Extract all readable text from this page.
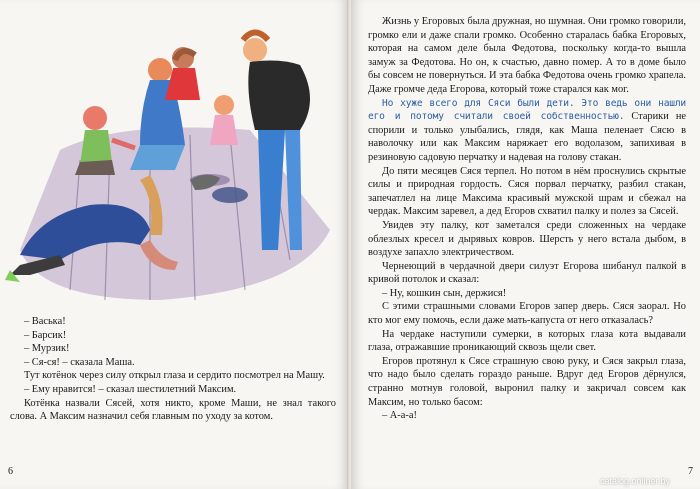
– Васька!

– Барсик!

– Мурзик!

– Ся-ся! – сказала Маша.

Тут котёнок через силу открыл глаза и сердито посмотрел на Машу.

– Ему нравится! – сказал шестилетний Максим.

Котёнка назвали Сясей, хотя никто, кроме Маши, не знал такого слова. А Максим назначил себя главным по уходу за котом.

6

Жизнь у Егоровых была дружная, но шумная. Они громко говорили, громко ели и даже спали громко. Особенно старалась бабка Егоровых, которая на самом деле была Федотова, поскольку когда-то вышла замуж за Федотова. Но он, к счастью, давно помер. А то в доме было бы совсем не повернуться. И эта бабка Федотова очень громко храпела. Даже громче деда Егорова, который тоже старался как мог.

Но хуже всего для Сяси были дети. Это ведь они нашли его и потому считали своей собственностью. Старики не спорили и только улыбались, глядя, как Маша пеленает Сясю в наволочку или как Максим наряжает его водолазом, запихивая в резиновую садовую перчатку и надевая на голову стакан.

До пяти месяцев Сяся терпел. Но потом в нём проснулись скрытые силы и природная гордость. Сяся порвал перчатку, разбил стакан, запечатлел на лице Максима красивый мужской шрам и сбежал на чердак. Максим заревел, а дед Егоров схватил палку и полез за Сясей.

Увидев эту палку, кот заметался среди сложенных на чердаке облезлых кресел и дырявых ковров. Шерсть у него встала дыбом, в воздухе запахло электричеством.

Чернеющий в чердачной двери силуэт Егорова шибанул палкой в кривой потолок и сказал:

– Ну, кошкин сын, держися!

С этими страшными словами Егоров запер дверь. Сяся заорал. Но кто мог ему помочь, если даже мать-капуста от него отказалась?

На чердаке наступили сумерки, в которых глаза кота выдавали глаза, отражавшие проникающий сквозь щели свет.

Егоров протянул к Сясе страшную свою руку, и Сяся закрыл глаза, что надо было сделать гораздо раньше. Вдруг дед Егоров дёрнулся, странно мотнув головой, выронил палку и закричал совсем как Максим, но только басом:

– А-а-а!

7
catalog.onliner.by
